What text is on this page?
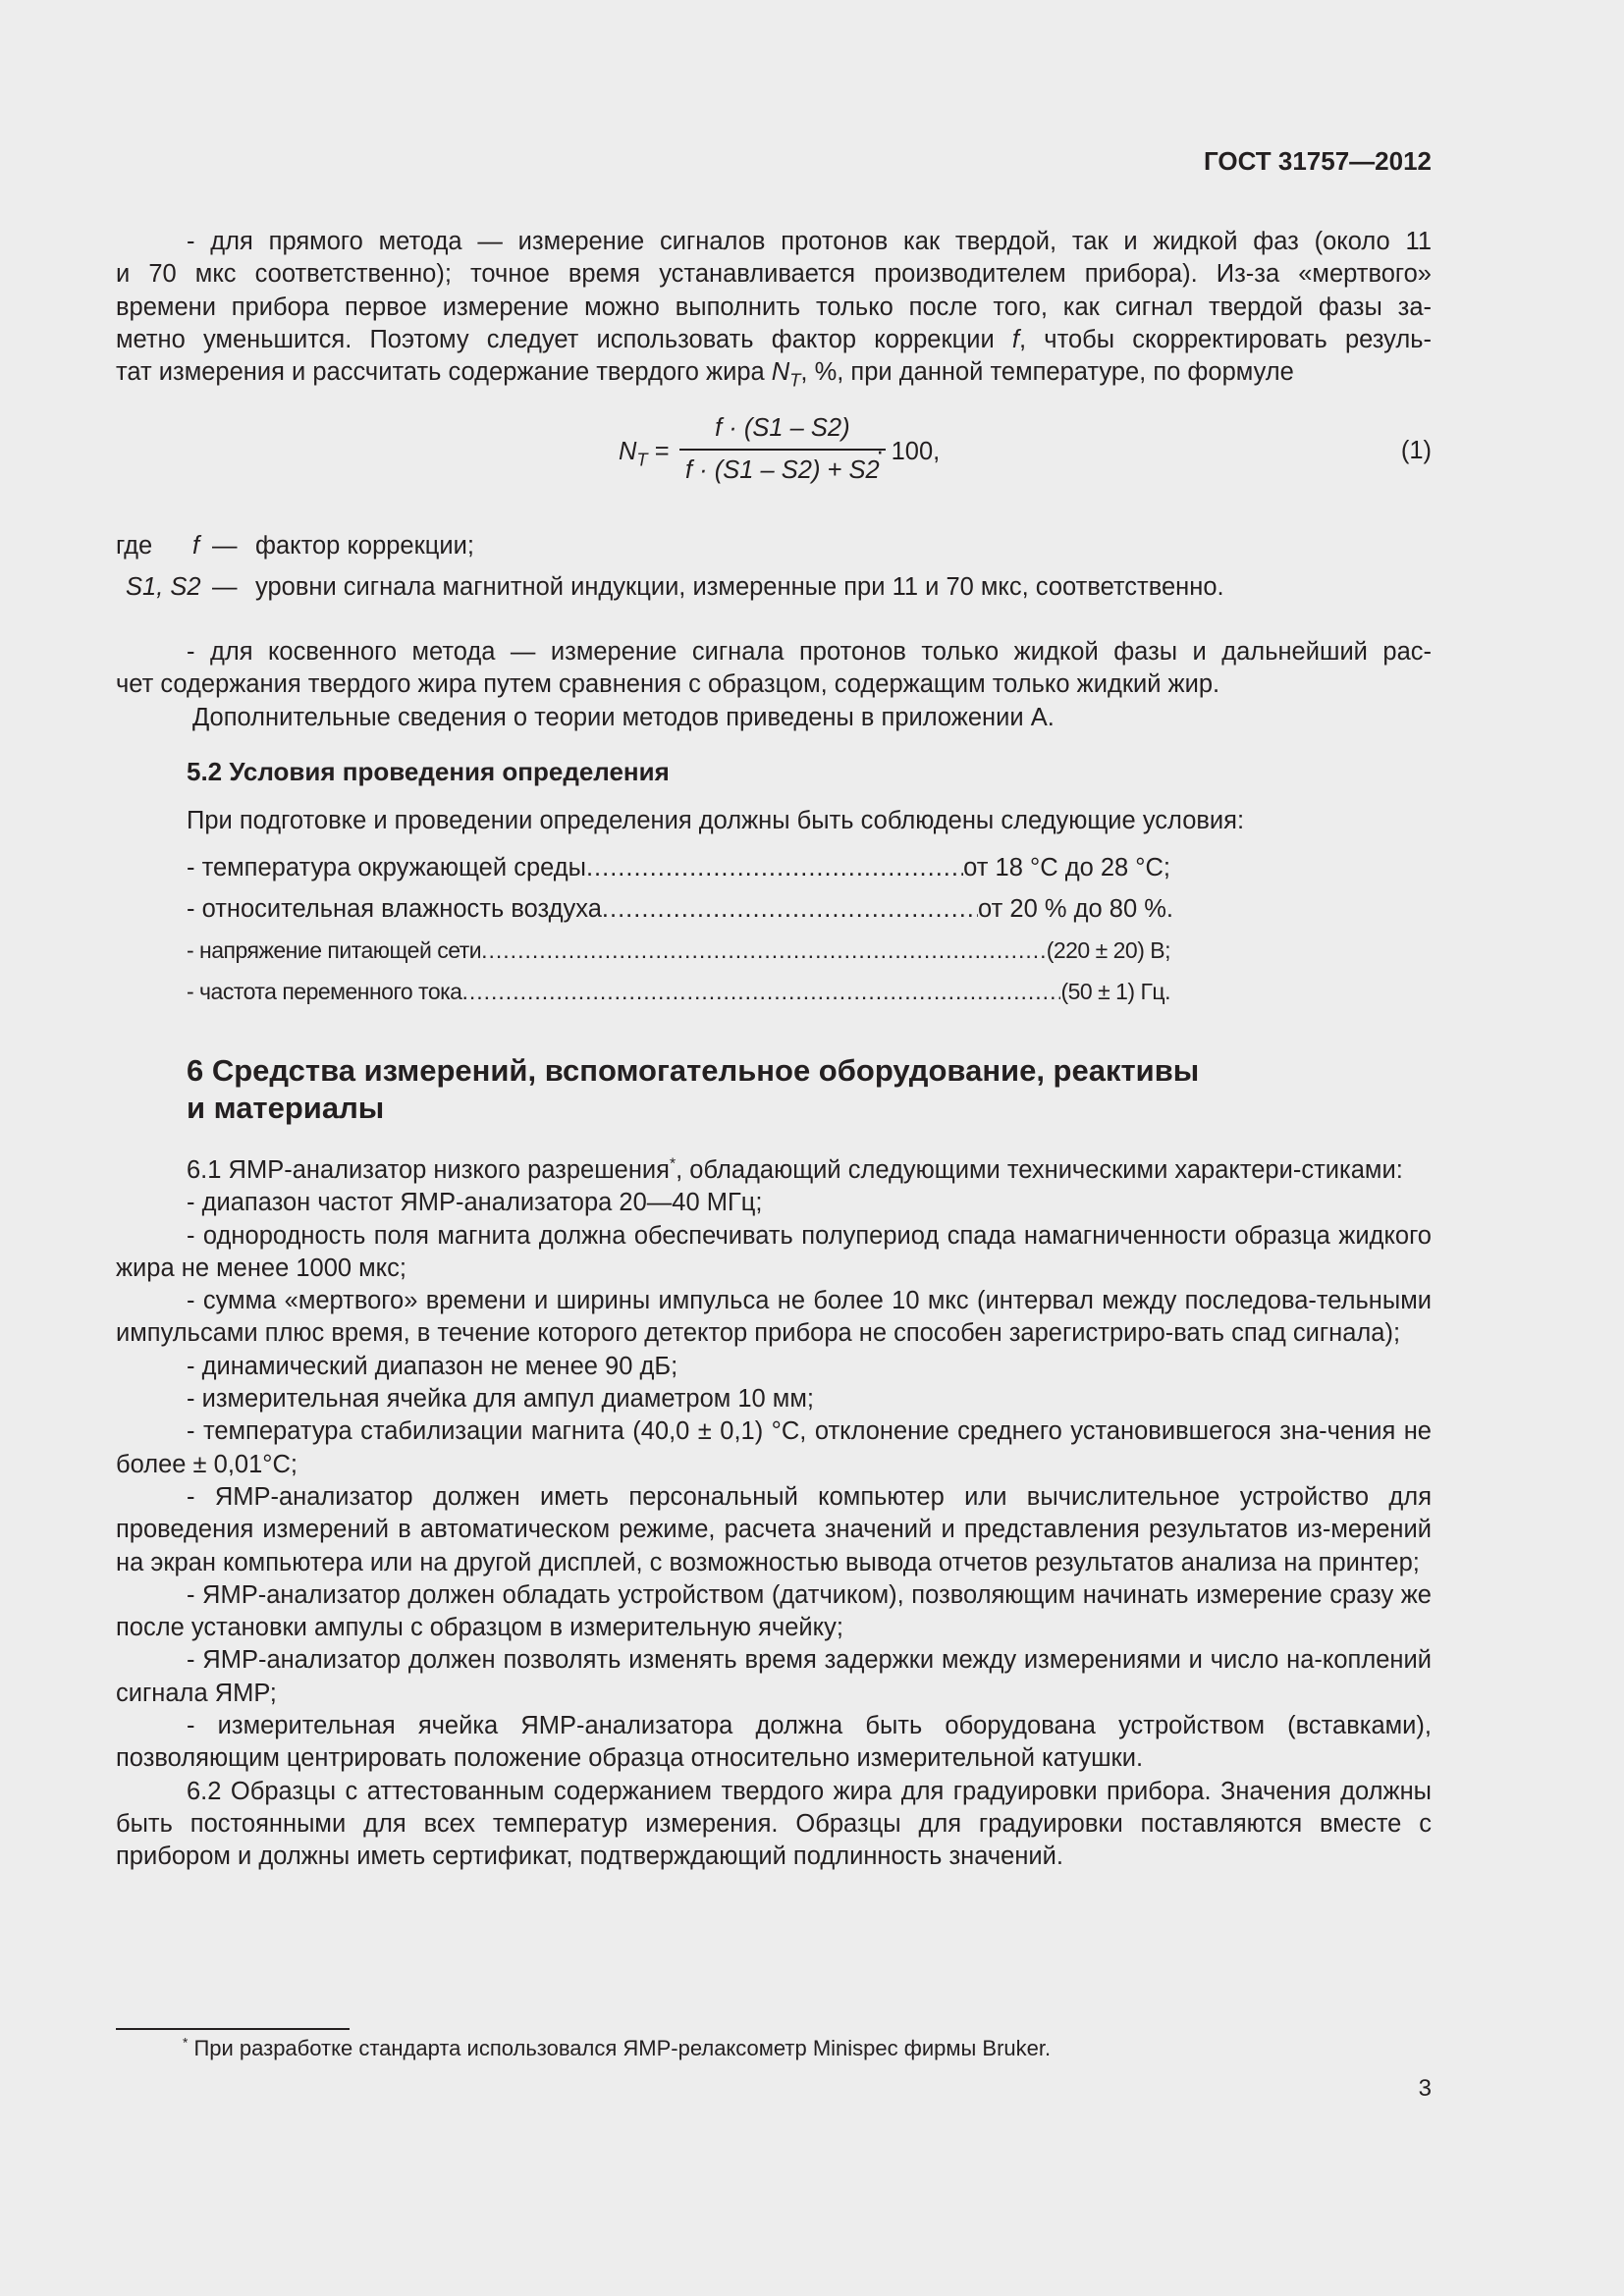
ГОСТ 31757—2012

- для прямого метода — измерение сигналов протонов как твердой, так и жидкой фаз (около 11

и 70 мкс соответственно); точное время устанавливается производителем прибора). Из-за «мертвого»

времени прибора первое измерение можно выполнить только после того, как сигнал твердой фазы за-

метно уменьшится. Поэтому следует использовать фактор коррекции f, чтобы скорректировать резуль-

тат измерения и рассчитать содержание твердого жира $N_T$, %, при данной температуре, по формуле

$N_T = \frac{f \cdot (S1 - S2)}{f \cdot (S1 - S2) + S2}$
· 100,	(1)
где f — фактор коррекции;
S1, S2 — уровни сигнала магнитной индукции, измеренные при 11 и 70 мкс, соответственно.

- для косвенного метода — измерение сигнала протонов только жидкой фазы и дальнейший рас-

чет содержания твердого жира путем сравнения с образцом, содержащим только жидкий жир.

Дополнительные сведения о теории методов приведены в приложении А.

5.2 Условия проведения определения
При подготовке и проведении определения должны быть соблюдены следующие условия:
- температура окружающей среды .....	от 18 °С до 28 °С;
- относительная влажность воздуха .....	от 20 % до 80 %.
- напряжение питающей сети .....	(220 ± 20) В;
- частота переменного тока .....	(50 ± 1) Гц.
6 Средства измерений, вспомогательное оборудование, реактивы
и материалы

6.1 ЯМР-анализатор низкого разрешения*, обладающий следующими техническими характери-стиками:

- диапазон частот ЯМР-анализатора 20—40 МГц;

- однородность поля магнита должна обеспечивать полупериод спада намагниченности образца жидкого жира не менее 1000 мкс;

- сумма «мертвого» времени и ширины импульса не более 10 мкс (интервал между последова-тельными импульсами плюс время, в течение которого детектор прибора не способен зарегистриро-вать спад сигнала);

- динамический диапазон не менее 90 дБ;

- измерительная ячейка для ампул диаметром 10 мм;

- температура стабилизации магнита (40,0 ± 0,1) °С, отклонение среднего установившегося зна-чения не более ± 0,01°С;

- ЯМР-анализатор должен иметь персональный компьютер или вычислительное устройство для проведения измерений в автоматическом режиме, расчета значений и представления результатов из-мерений на экран компьютера или на другой дисплей, с возможностью вывода отчетов результатов анализа на принтер;

- ЯМР-анализатор должен обладать устройством (датчиком), позволяющим начинать измерение сразу же после установки ампулы с образцом в измерительную ячейку;

- ЯМР-анализатор должен позволять изменять время задержки между измерениями и число на-коплений сигнала ЯМР;

- измерительная ячейка ЯМР-анализатора должна быть оборудована устройством (вставками), позволяющим центрировать положение образца относительно измерительной катушки.

6.2 Образцы с аттестованным содержанием твердого жира для градуировки прибора. Значения должны быть постоянными для всех температур измерения. Образцы для градуировки поставляются вместе с прибором и должны иметь сертификат, подтверждающий подлинность значений.

* При разработке стандарта использовался ЯМР-релаксометр Minispec фирмы Bruker.
3
